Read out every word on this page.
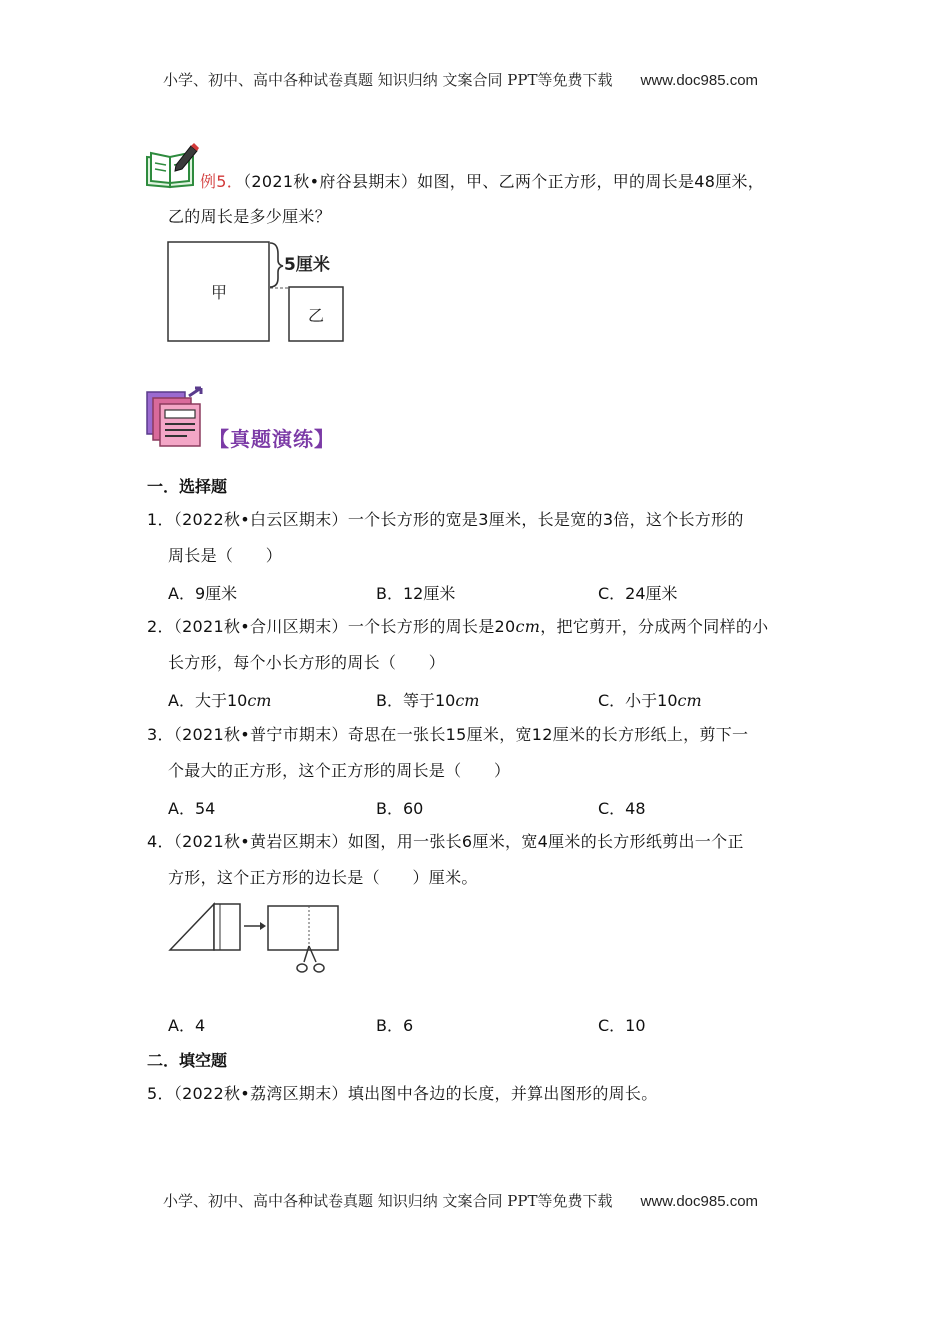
小学、初中、高中各种试卷真题 知识归纳 文案合同 PPT等免费下载 www.doc985.com
例5．（2021秋•府谷县期末）如图，甲、乙两个正方形，甲的周长是48厘米，
乙的周长是多少厘米？
甲
乙
5厘米
【真题演练】
一．选择题
1．（2022秋•白云区期末）一个长方形的宽是3厘米，长是宽的3倍，这个长方形的
周长是（　　）
A．9厘米	B．12厘米	C．24厘米
2．（2021秋•合川区期末）一个长方形的周长是20cm，把它剪开，分成两个同样的小
长方形，每个小长方形的周长（　　）
A．大于10cm	B．等于10cm	C．小于10cm
3．（2021秋•普宁市期末）奇思在一张长15厘米，宽12厘米的长方形纸上，剪下一
个最大的正方形，这个正方形的周长是（　　）
A．54	B．60	C．48
4．（2021秋•黄岩区期末）如图，用一张长6厘米，宽4厘米的长方形纸剪出一个正
方形，这个正方形的边长是（　　）厘米。
A．4	B．6	C．10
二．填空题
5．（2022秋•荔湾区期末）填出图中各边的长度，并算出图形的周长。
小学、初中、高中各种试卷真题 知识归纳 文案合同 PPT等免费下载 www.doc985.com
